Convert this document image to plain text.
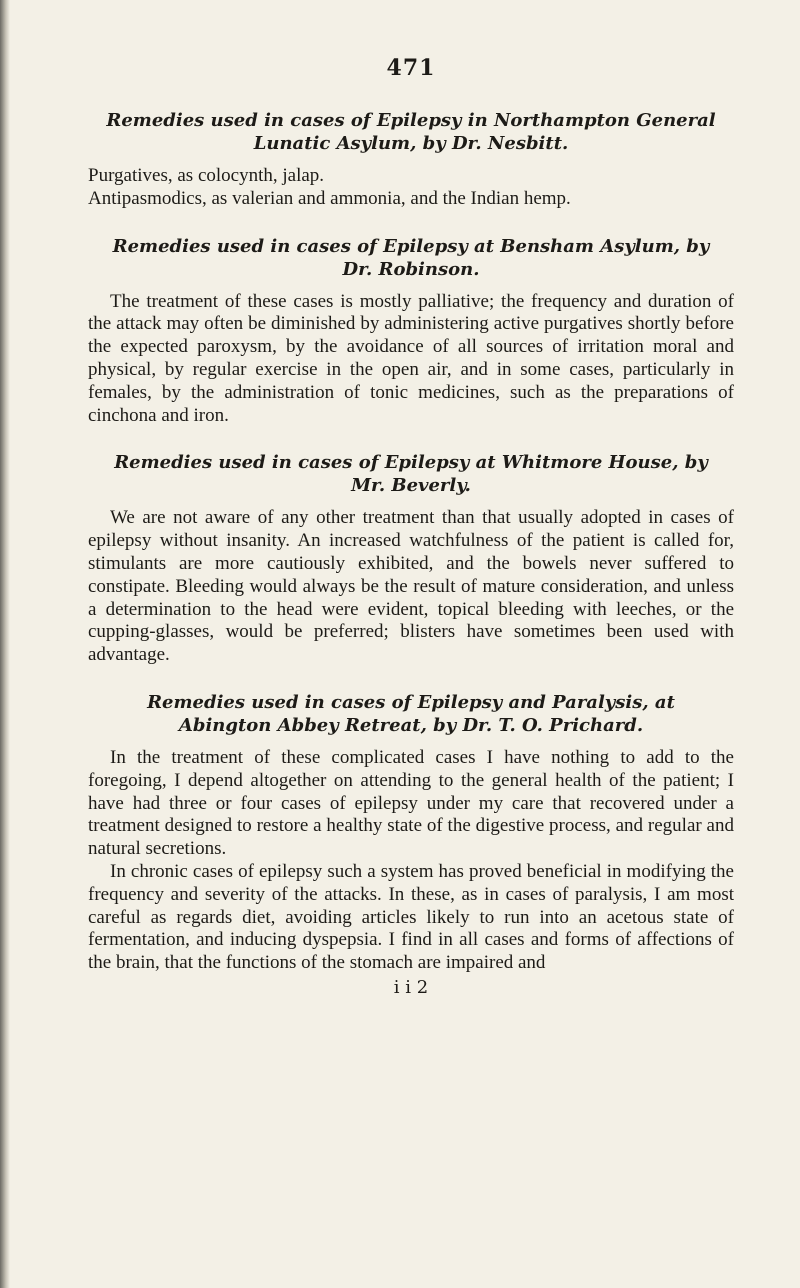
471
Remedies used in cases of Epilepsy in Northampton General Lunatic Asylum, by Dr. Nesbitt.

Purgatives, as colocynth, jalap.

Antipasmodics, as valerian and ammonia, and the Indian hemp.

Remedies used in cases of Epilepsy at Bensham Asylum, by Dr. Robinson.

The treatment of these cases is mostly palliative; the frequency and duration of the attack may often be diminished by administering active purgatives shortly before the expected paroxysm, by the avoidance of all sources of irritation moral and physical, by regular exercise in the open air, and in some cases, particularly in females, by the administration of tonic medicines, such as the preparations of cinchona and iron.

Remedies used in cases of Epilepsy at Whitmore House, by Mr. Beverly.

We are not aware of any other treatment than that usually adopted in cases of epilepsy without insanity. An increased watchfulness of the patient is called for, stimulants are more cautiously exhibited, and the bowels never suffered to constipate. Bleeding would always be the result of mature consideration, and unless a determination to the head were evident, topical bleeding with leeches, or the cupping-glasses, would be preferred; blisters have sometimes been used with advantage.

Remedies used in cases of Epilepsy and Paralysis, at Abington Abbey Retreat, by Dr. T. O. Prichard.

In the treatment of these complicated cases I have nothing to add to the foregoing, I depend altogether on attending to the general health of the patient; I have had three or four cases of epilepsy under my care that recovered under a treatment designed to restore a healthy state of the digestive process, and regular and natural secretions.

In chronic cases of epilepsy such a system has proved beneficial in modifying the frequency and severity of the attacks. In these, as in cases of paralysis, I am most careful as regards diet, avoiding articles likely to run into an acetous state of fermentation, and inducing dyspepsia. I find in all cases and forms of affections of the brain, that the functions of the stomach are impaired and

i i 2
